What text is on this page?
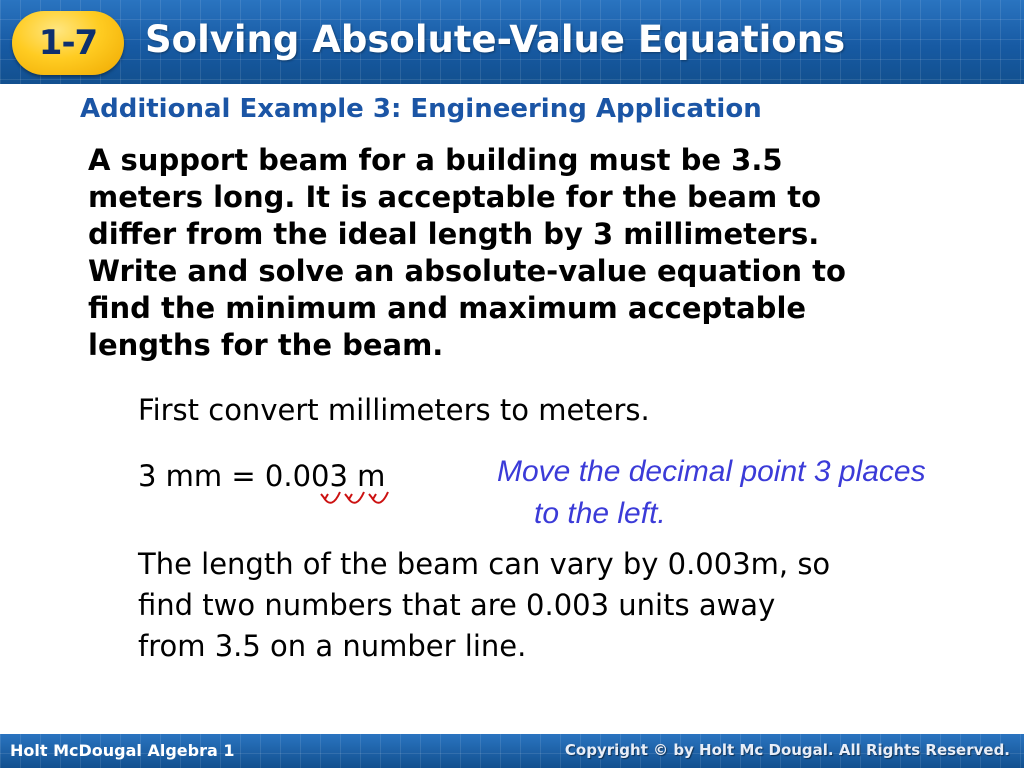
1-7 Solving Absolute-Value Equations
Additional Example 3: Engineering Application
A support beam for a building must be 3.5
meters long. It is acceptable for the beam to
differ from the ideal length by 3 millimeters.
Write and solve an absolute-value equation to
find the minimum and maximum acceptable
lengths for the beam.
First convert millimeters to meters.
3 mm = 0.003 m	Move the decimal point 3 places
to the left.
The length of the beam can vary by 0.003m, so
find two numbers that are 0.003 units away
from 3.5 on a number line.
Holt McDougal Algebra 1	Copyright © by Holt Mc Dougal. All Rights Reserved.
